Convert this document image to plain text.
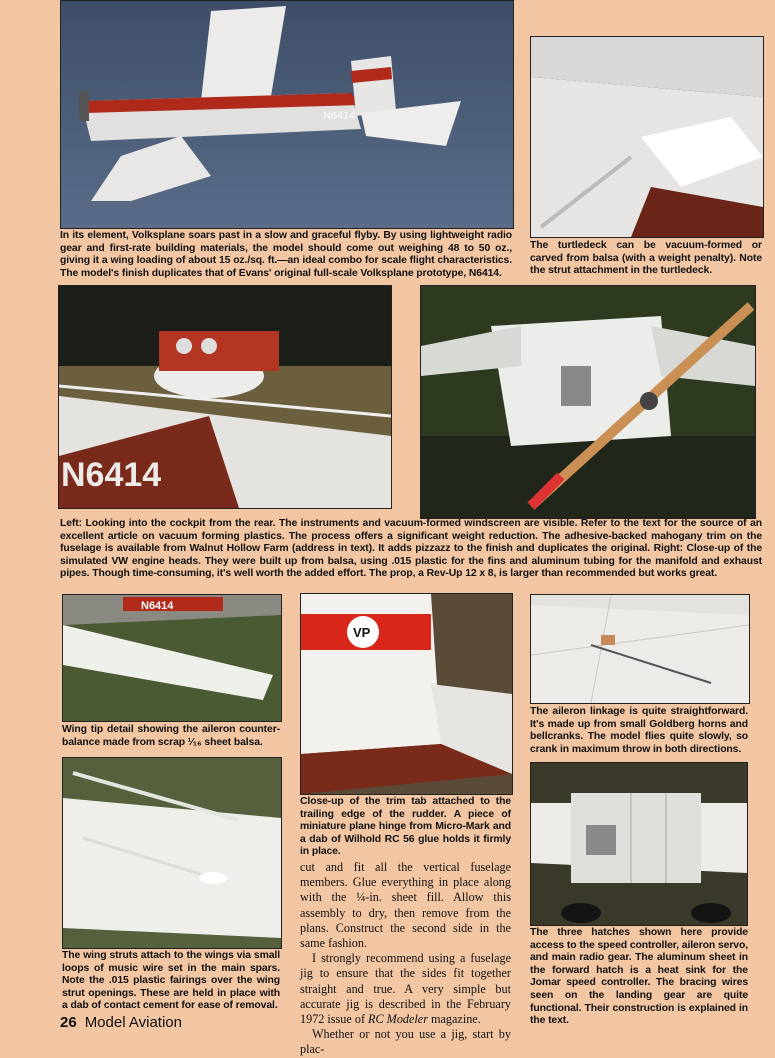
N6414

In its element, Volksplane soars past in a slow and graceful flyby. By using lightweight radio gear and first-rate building materials, the model should come out weighing 48 to 50 oz., giving it a wing loading of about 15 oz./sq. ft.—an ideal combo for scale flight characteristics. The model's finish duplicates that of Evans' original full-scale Volksplane prototype, N6414.

The turtledeck can be vacuum-formed or carved from balsa (with a weight penalty). Note the strut attachment in the turtledeck.

N6414

Left: Looking into the cockpit from the rear. The instruments and vacuum-formed windscreen are visible. Refer to the text for the source of an excellent article on vacuum forming plastics. The process offers a significant weight reduction. The adhesive-backed mahogany trim on the fuselage is available from Walnut Hollow Farm (address in text). It adds pizzazz to the finish and duplicates the original. Right: Close-up of the simulated VW engine heads. They were built up from balsa, using .015 plastic for the fins and aluminum tubing for the manifold and exhaust pipes. Though time-consuming, it's well worth the added effort. The prop, a Rev-Up 12 x 8, is larger than recommended but works great.

N6414

Wing tip detail showing the aileron counter-balance made from scrap ¹⁄₁₆ sheet balsa.

VP

Close-up of the trim tab attached to the trailing edge of the rudder. A piece of miniature plane hinge from Micro-Mark and a dab of Wilhold RC 56 glue holds it firmly in place.

The aileron linkage is quite straightforward. It's made up from small Goldberg horns and bellcranks. The model flies quite slowly, so crank in maximum throw in both directions.

The wing struts attach to the wings via small loops of music wire set in the main spars. Note the .015 plastic fairings over the wing strut openings. These are held in place with a dab of contact cement for ease of removal.

The three hatches shown here provide access to the speed controller, aileron servo, and main radio gear. The aluminum sheet in the forward hatch is a heat sink for the Jomar speed controller. The bracing wires seen on the landing gear are quite functional. Their construction is explained in the text.

cut and fit all the vertical fuselage members. Glue everything in place along with the ¼-in. sheet fill. Allow this assembly to dry, then remove from the plans. Construct the second side in the same fashion.

I strongly recommend using a fuselage jig to ensure that the sides fit together straight and true. A very simple but accurate jig is described in the February 1972 issue of RC Modeler magazine.

Whether or not you use a jig, start by plac-

26 Model Aviation
